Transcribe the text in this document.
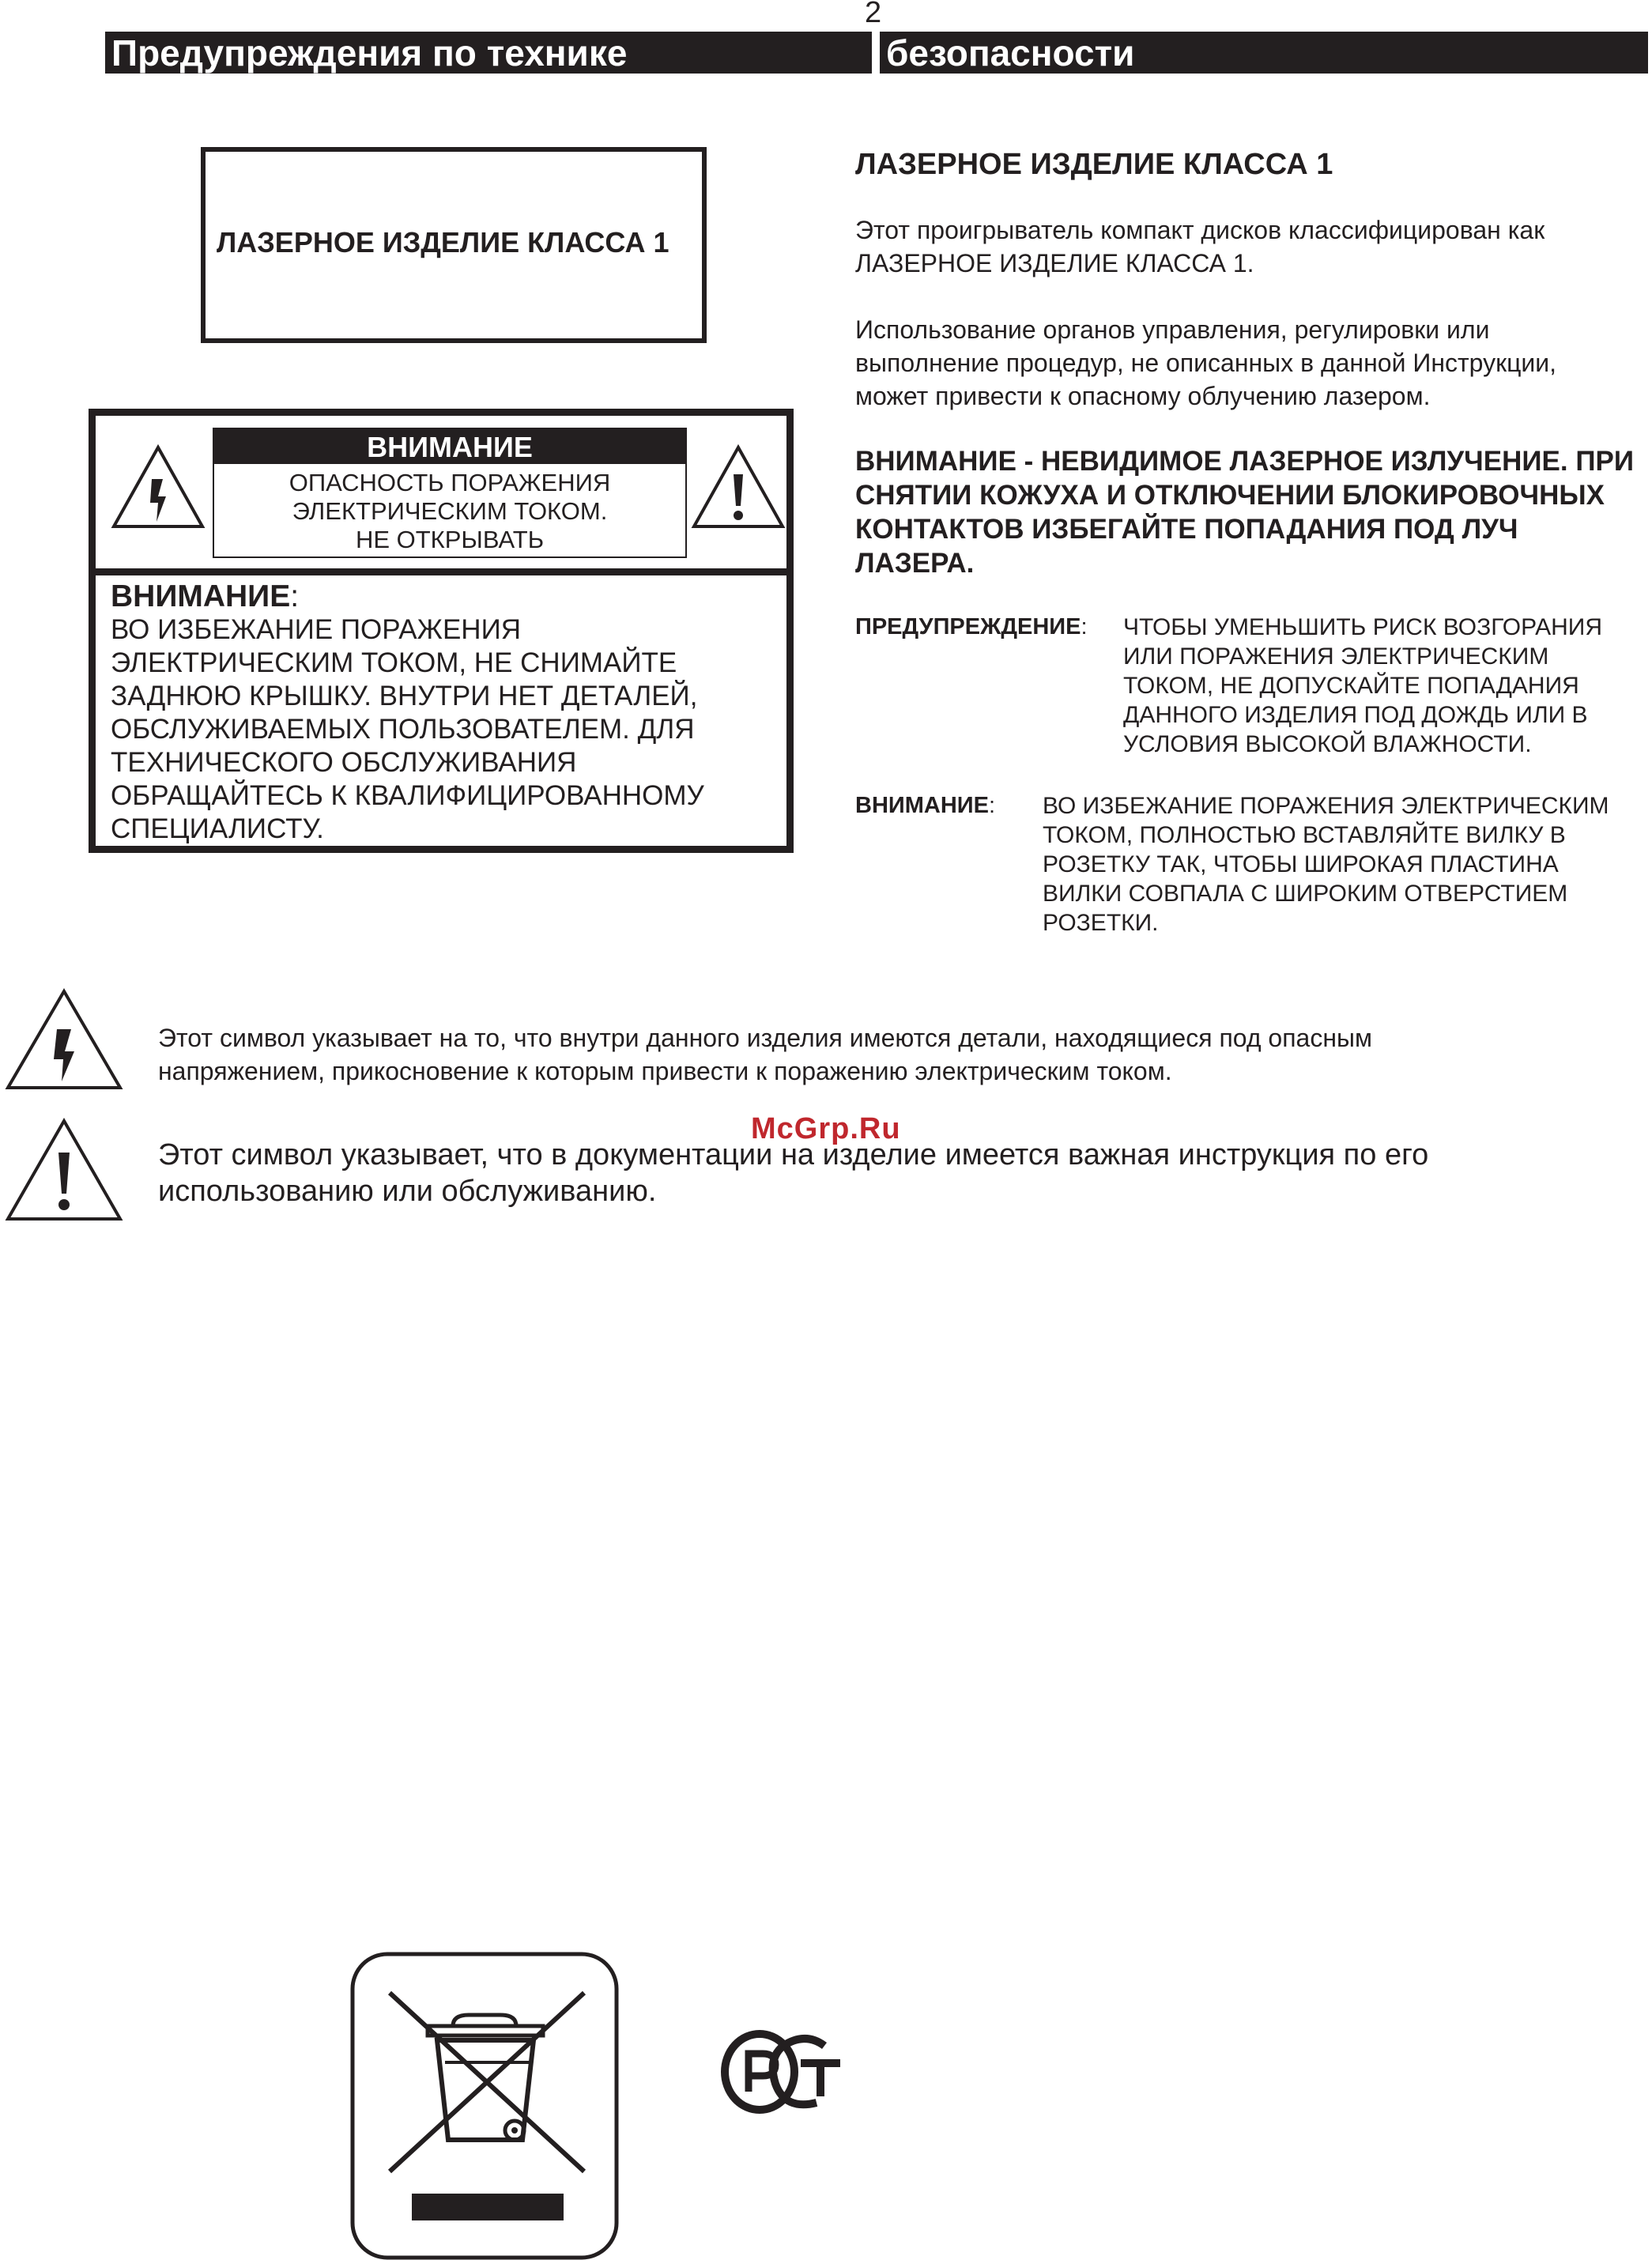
2
Предупреждения по технике	безопасности
ЛАЗЕРНОЕ ИЗДЕЛИЕ КЛАССА 1
ВНИМАНИЕ
ОПАСНОСТЬ ПОРАЖЕНИЯ
ЭЛЕКТРИЧЕСКИМ ТОКОМ.
НЕ ОТКРЫВАТЬ
ВНИМАНИЕ:
ВО ИЗБЕЖАНИЕ ПОРАЖЕНИЯ
ЭЛЕКТРИЧЕСКИМ ТОКОМ, НЕ СНИМАЙТЕ
ЗАДНЮЮ КРЫШКУ. ВНУТРИ НЕТ ДЕТАЛЕЙ,
ОБСЛУЖИВАЕМЫХ ПОЛЬЗОВАТЕЛЕМ. ДЛЯ
ТЕХНИЧЕСКОГО ОБСЛУЖИВАНИЯ
ОБРАЩАЙТЕСЬ К КВАЛИФИЦИРОВАННОМУ
СПЕЦИАЛИСТУ.
ЛАЗЕРНОЕ ИЗДЕЛИЕ КЛАССА 1
Этот проигрыватель компакт дисков классифицирован как
ЛАЗЕРНОЕ ИЗДЕЛИЕ КЛАССА 1.
Использование органов управления, регулировки или
выполнение процедур, не описанных в данной Инструкции,
может привести к опасному облучению лазером.
ВНИМАНИЕ - НЕВИДИМОЕ ЛАЗЕРНОЕ ИЗЛУЧЕНИЕ. ПРИ
СНЯТИИ КОЖУХА И ОТКЛЮЧЕНИИ БЛОКИРОВОЧНЫХ
КОНТАКТОВ ИЗБЕГАЙТЕ ПОПАДАНИЯ ПОД ЛУЧ
ЛАЗЕРА.
ПРЕДУПРЕЖДЕНИЕ: ЧТОБЫ УМЕНЬШИТЬ РИСК ВОЗГОРАНИЯ
ИЛИ ПОРАЖЕНИЯ ЭЛЕКТРИЧЕСКИМ
ТОКОМ, НЕ ДОПУСКАЙТЕ ПОПАДАНИЯ
ДАННОГО ИЗДЕЛИЯ ПОД ДОЖДЬ ИЛИ В
УСЛОВИЯ ВЫСОКОЙ ВЛАЖНОСТИ.
ВНИМАНИЕ: ВО ИЗБЕЖАНИЕ ПОРАЖЕНИЯ ЭЛЕКТРИЧЕСКИМ
ТОКОМ, ПОЛНОСТЬЮ ВСТАВЛЯЙТЕ ВИЛКУ В
РОЗЕТКУ ТАК, ЧТОБЫ ШИРОКАЯ ПЛАСТИНА
ВИЛКИ СОВПАЛА С ШИРОКИМ ОТВЕРСТИЕМ
РОЗЕТКИ.
Этот символ указывает на то, что внутри данного изделия имеются детали, находящиеся под опасным
напряжением, прикосновение к которым привести к поражению электрическим током.
McGrp.Ru
Этот символ указывает, что в документации на изделие имеется важная инструкция по его
использованию или обслуживанию.
